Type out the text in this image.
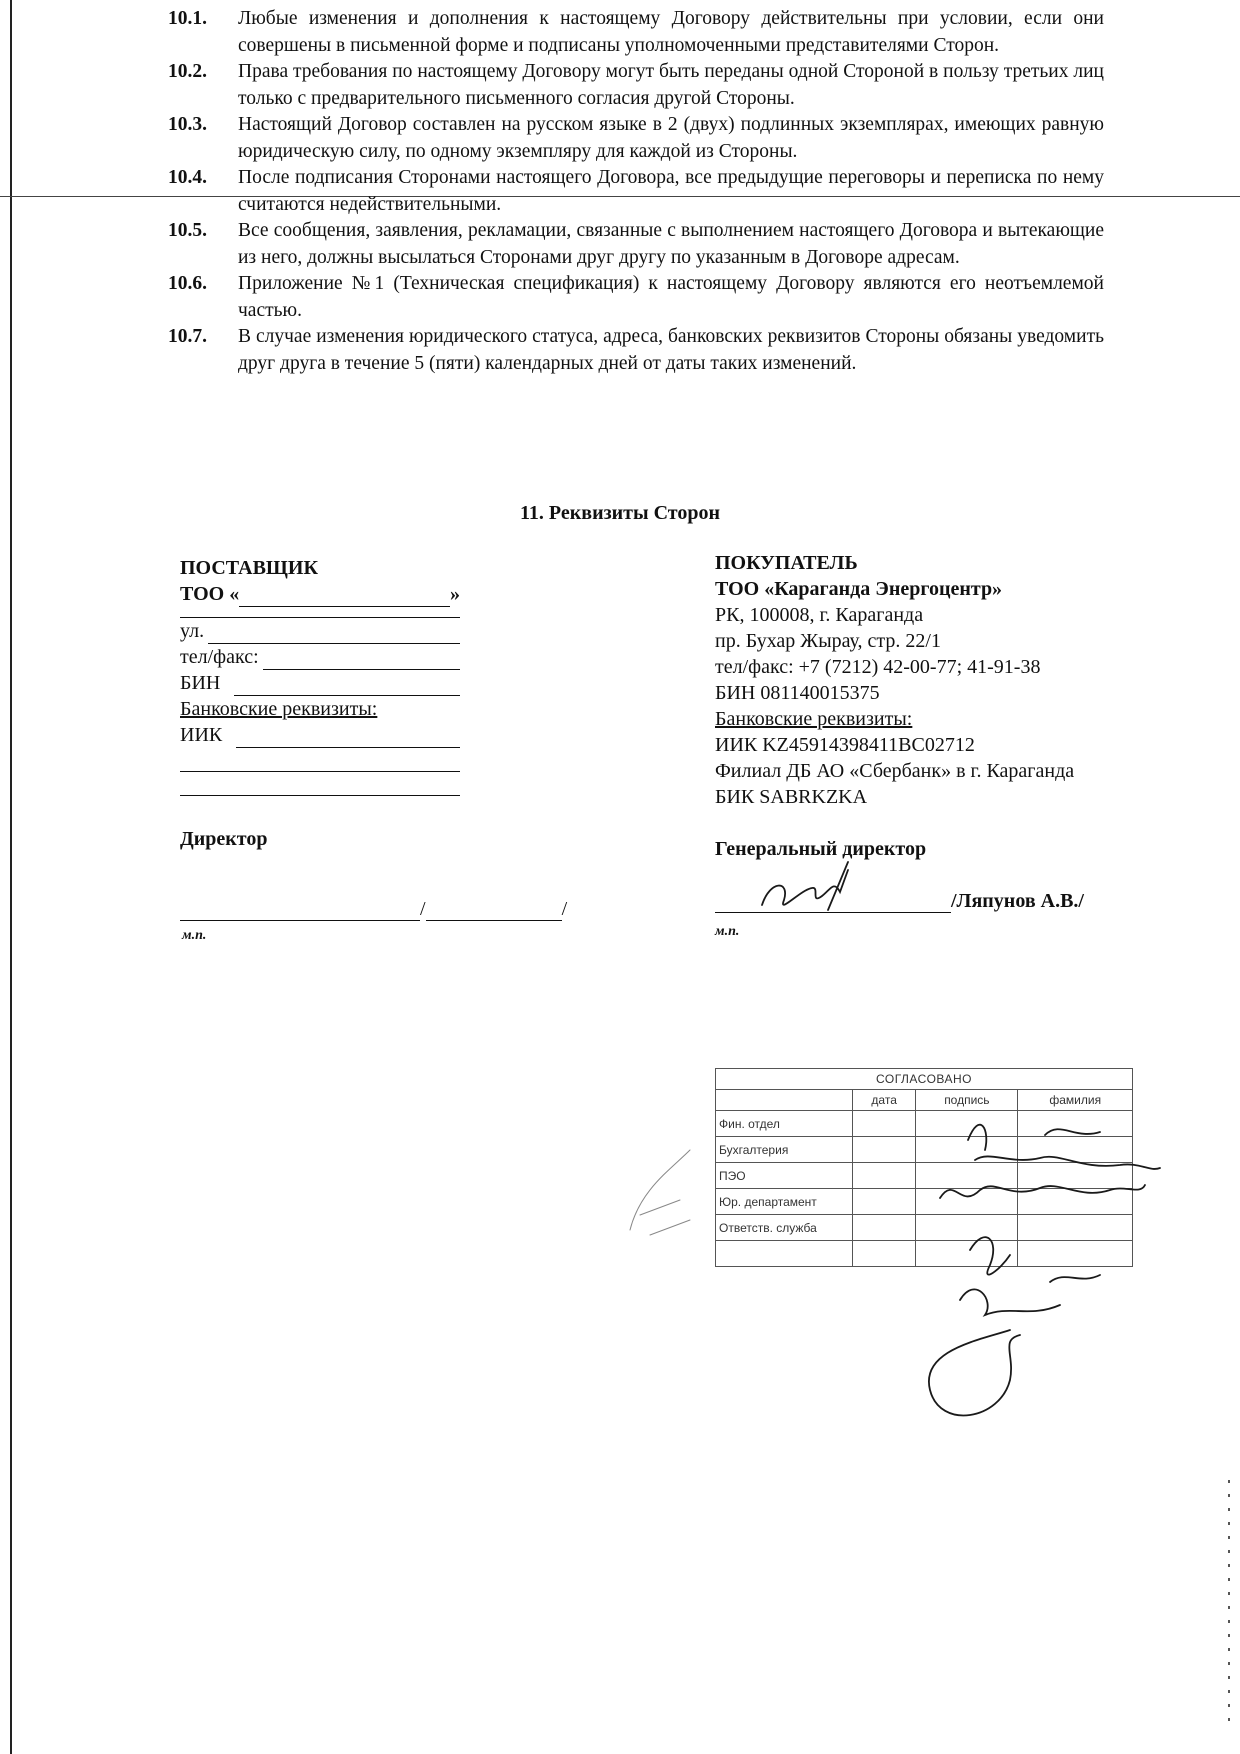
10.1.	Любые изменения и дополнения к настоящему Договору действительны при условии, если они совершены в письменной форме и подписаны уполномоченными представителями Сторон.
10.2.	Права требования по настоящему Договору могут быть переданы одной Стороной в пользу третьих лиц только с предварительного письменного согласия другой Стороны.
10.3.	Настоящий Договор составлен на русском языке в 2 (двух) подлинных экземплярах, имеющих равную юридическую силу, по одному экземпляру для каждой из Стороны.
10.4.	После подписания Сторонами настоящего Договора, все предыдущие переговоры и переписка по нему считаются недействительными.
10.5.	Все сообщения, заявления, рекламации, связанные с выполнением настоящего Договора и вытекающие из него, должны высылаться Сторонами друг другу по указанным в Договоре адресам.
10.6.	Приложение №1 (Техническая спецификация) к настоящему Договору являются его неотъемлемой частью.
10.7.	В случае изменения юридического статуса, адреса, банковских реквизитов Стороны обязаны уведомить друг друга в течение 5 (пяти) календарных дней от даты таких изменений.
11. Реквизиты Сторон
ПОСТАВЩИК
ТОО «	»
ул.
тел/факс:
БИН
Банковские реквизиты:
ИИК
Директор
/	/
м.п.
ПОКУПАТЕЛЬ
ТОО «Караганда Энергоцентр»
РК, 100008, г. Караганда
пр. Бухар Жырау, стр. 22/1
тел/факс: +7 (7212) 42-00-77; 41-91-38
БИН 081140015375
Банковские реквизиты:
ИИК KZ45914398411BC02712
Филиал ДБ АО «Сбербанк» в г. Караганда
БИК SABRKZKA
Генеральный директор
/Ляпунов А.В./
м.п.
СОГЛАСОВАНО			
	дата	подпись	фамилия
Фин. отдел			
Бухгалтерия			
ПЭО			
Юр. департамент			
Ответств. служба			
